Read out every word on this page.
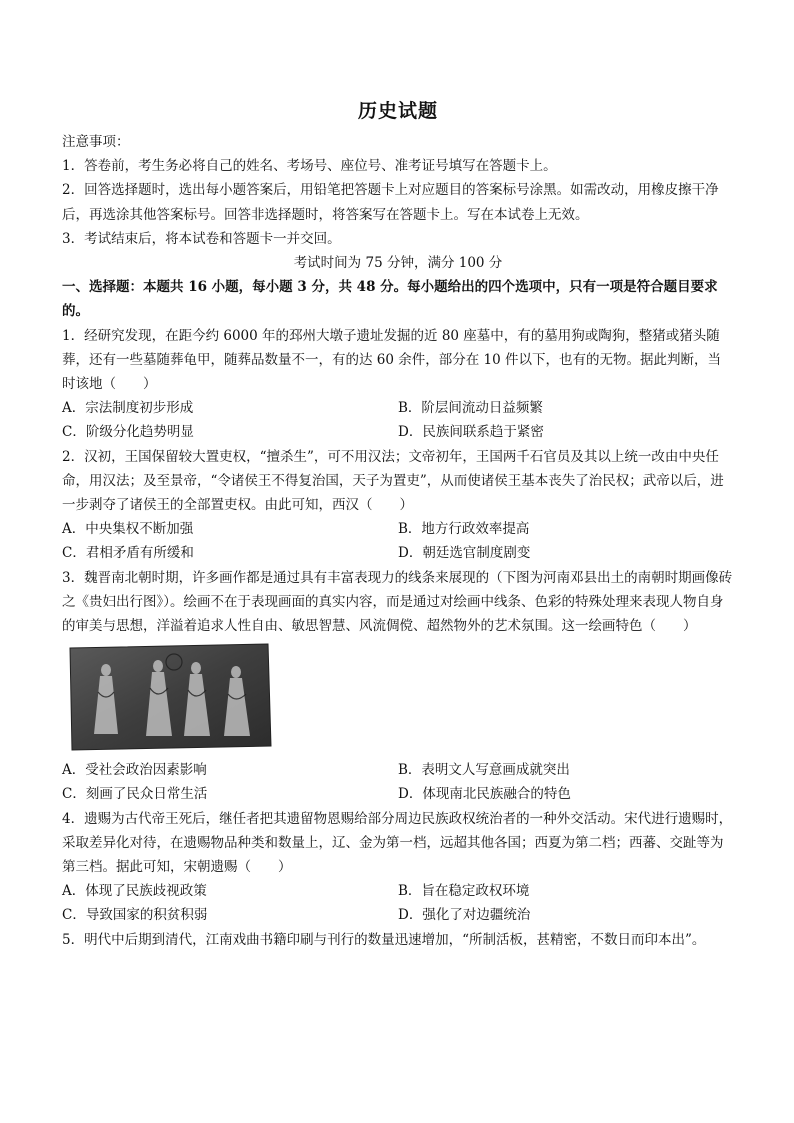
历史试题
注意事项：
1．答卷前，考生务必将自己的姓名、考场号、座位号、准考证号填写在答题卡上。
2．回答选择题时，选出每小题答案后，用铅笔把答题卡上对应题目的答案标号涂黑。如需改动，用橡皮擦干净后，再选涂其他答案标号。回答非选择题时，将答案写在答题卡上。写在本试卷上无效。
3．考试结束后，将本试卷和答题卡一并交回。
考试时间为 75 分钟，满分 100 分
一、选择题：本题共 16 小题，每小题 3 分，共 48 分。每小题给出的四个选项中，只有一项是符合题目要求的。
1．经研究发现，在距今约 6000 年的邳州大墩子遗址发掘的近 80 座墓中，有的墓用狗或陶狗，整猪或猪头随葬，还有一些墓随葬龟甲，随葬品数量不一，有的达 60 余件，部分在 10 件以下，也有的无物。据此判断，当时该地（　　）
A．宗法制度初步形成	B．阶层间流动日益频繁
C．阶级分化趋势明显	D．民族间联系趋于紧密
2．汉初，王国保留较大置吏权，“擅杀生”，可不用汉法；文帝初年，王国两千石官员及其以上统一改由中央任命，用汉法；及至景帝，“令诸侯王不得复治国，天子为置吏”，从而使诸侯王基本丧失了治民权；武帝以后，进一步剥夺了诸侯王的全部置吏权。由此可知，西汉（　　）
A．中央集权不断加强	B．地方行政效率提高
C．君相矛盾有所缓和	D．朝廷选官制度剧变
3．魏晋南北朝时期，许多画作都是通过具有丰富表现力的线条来展现的（下图为河南邓县出土的南朝时期画像砖之《贵妇出行图》）。绘画不在于表现画面的真实内容，而是通过对绘画中线条、色彩的特殊处理来表现人物自身的审美与思想，洋溢着追求人性自由、敏思智慧、风流倜傥、超然物外的艺术氛围。这一绘画特色（　　）
A．受社会政治因素影响	B．表明文人写意画成就突出
C．刻画了民众日常生活	D．体现南北民族融合的特色
4．遗赐为古代帝王死后，继任者把其遗留物恩赐给部分周边民族政权统治者的一种外交活动。宋代进行遗赐时，采取差异化对待，在遗赐物品种类和数量上，辽、金为第一档，远超其他各国；西夏为第二档；西蕃、交趾等为第三档。据此可知，宋朝遗赐（　　）
A．体现了民族歧视政策	B．旨在稳定政权环境
C．导致国家的积贫积弱	D．强化了对边疆统治
5．明代中后期到清代，江南戏曲书籍印刷与刊行的数量迅速增加，“所制活板，甚精密，不数日而印本出”。
